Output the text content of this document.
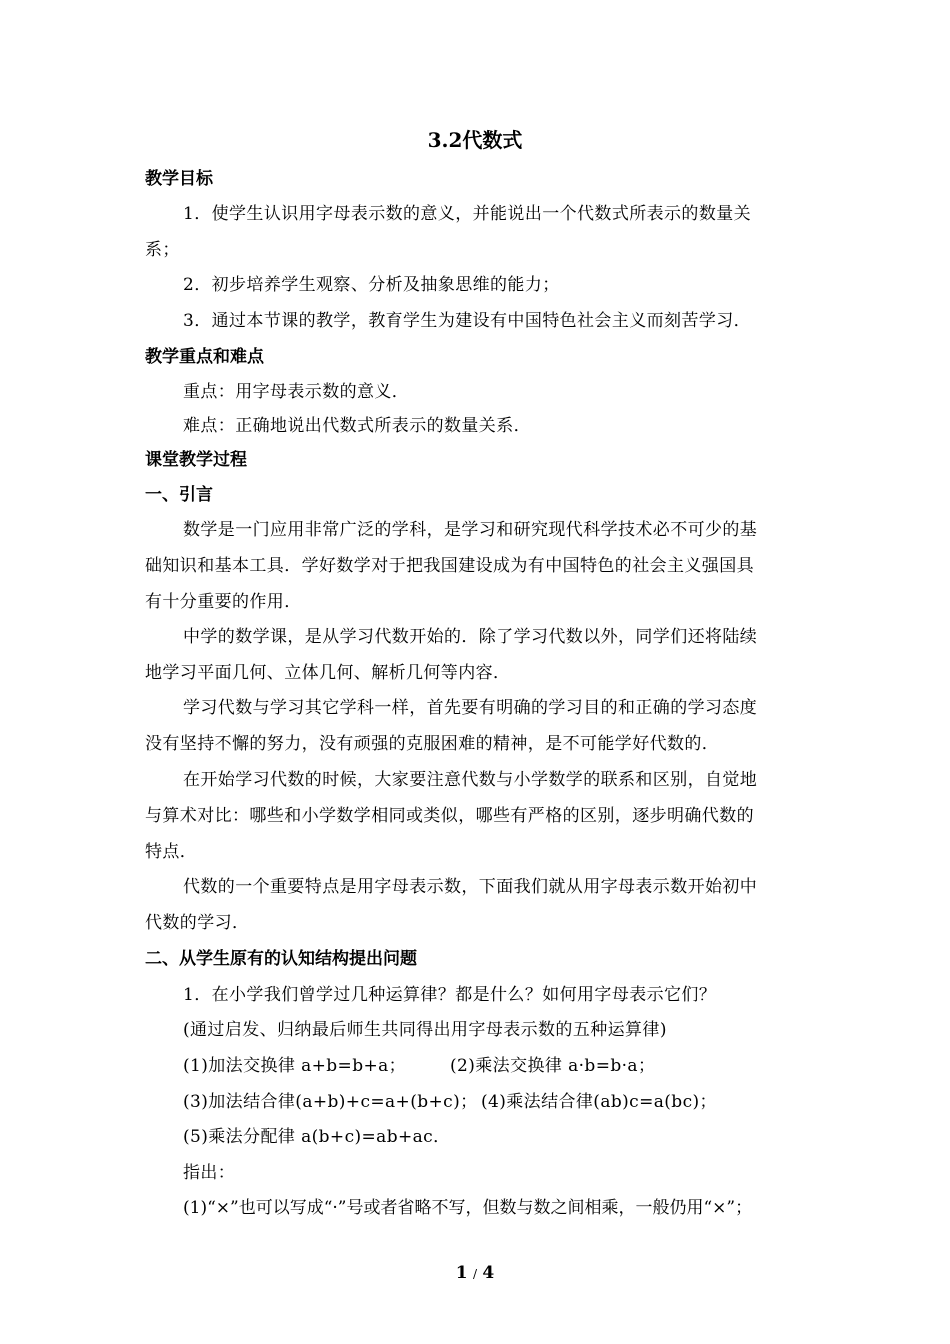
3.2代数式
教学目标
1．使学生认识用字母表示数的意义，并能说出一个代数式所表示的数量关
系；
2．初步培养学生观察、分析及抽象思维的能力；
3．通过本节课的教学，教育学生为建设有中国特色社会主义而刻苦学习．
教学重点和难点
重点：用字母表示数的意义．
难点：正确地说出代数式所表示的数量关系．
课堂教学过程
一、引言
数学是一门应用非常广泛的学科，是学习和研究现代科学技术必不可少的基
础知识和基本工具．学好数学对于把我国建设成为有中国特色的社会主义强国具
有十分重要的作用．
中学的数学课，是从学习代数开始的．除了学习代数以外，同学们还将陆续
地学习平面几何、立体几何、解析几何等内容．
学习代数与学习其它学科一样，首先要有明确的学习目的和正确的学习态度
没有坚持不懈的努力，没有顽强的克服困难的精神，是不可能学好代数的．
在开始学习代数的时候，大家要注意代数与小学数学的联系和区别，自觉地
与算术对比：哪些和小学数学相同或类似，哪些有严格的区别，逐步明确代数的
特点．
代数的一个重要特点是用字母表示数，下面我们就从用字母表示数开始初中
代数的学习．
二、从学生原有的认知结构提出问题
1．在小学我们曾学过几种运算律？都是什么？如何用字母表示它们？
(通过启发、归纳最后师生共同得出用字母表示数的五种运算律)
(1)加法交换律 a+b=b+a；	(2)乘法交换律 a·b=b·a；
(3)加法结合律(a+b)+c=a+(b+c)； (4)乘法结合律(ab)c=a(bc)；
(5)乘法分配律 a(b+c)=ab+ac．
指出：
(1)“×”也可以写成“·”号或者省略不写，但数与数之间相乘，一般仍用“×”；
1 / 4
